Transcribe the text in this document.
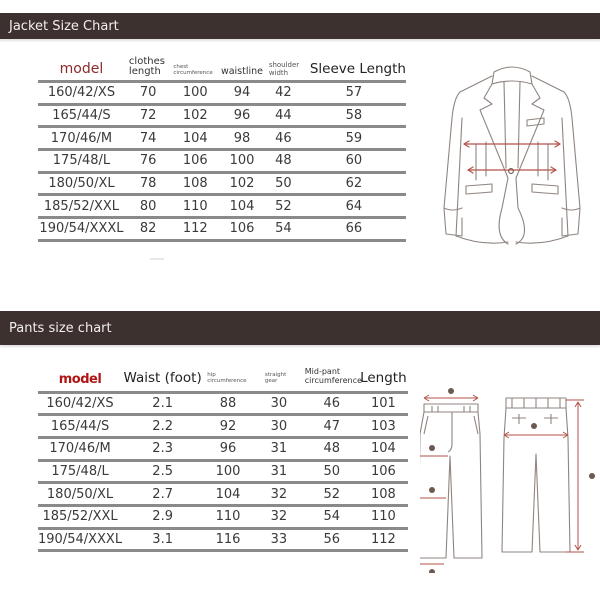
Jacket Size Chart
model	clothes length	chest circumference	waistline	shoulder width	Sleeve Length
160/42/XS	70	100	94	42	57
165/44/S	72	102	96	44	58
170/46/M	74	104	98	46	59
175/48/L	76	106	100	48	60
180/50/XL	78	108	102	50	62
185/52/XXL	80	110	104	52	64
190/54/XXXL	82	112	106	54	66
Pants size chart
model	Waist (foot)	hip circumference	straight gear	Mid-pant circumference	Length
160/42/XS	2.1	88	30	46	101
165/44/S	2.2	92	30	47	103
170/46/M	2.3	96	31	48	104
175/48/L	2.5	100	31	50	106
180/50/XL	2.7	104	32	52	108
185/52/XXL	2.9	110	32	54	110
190/54/XXXL	3.1	116	33	56	112
